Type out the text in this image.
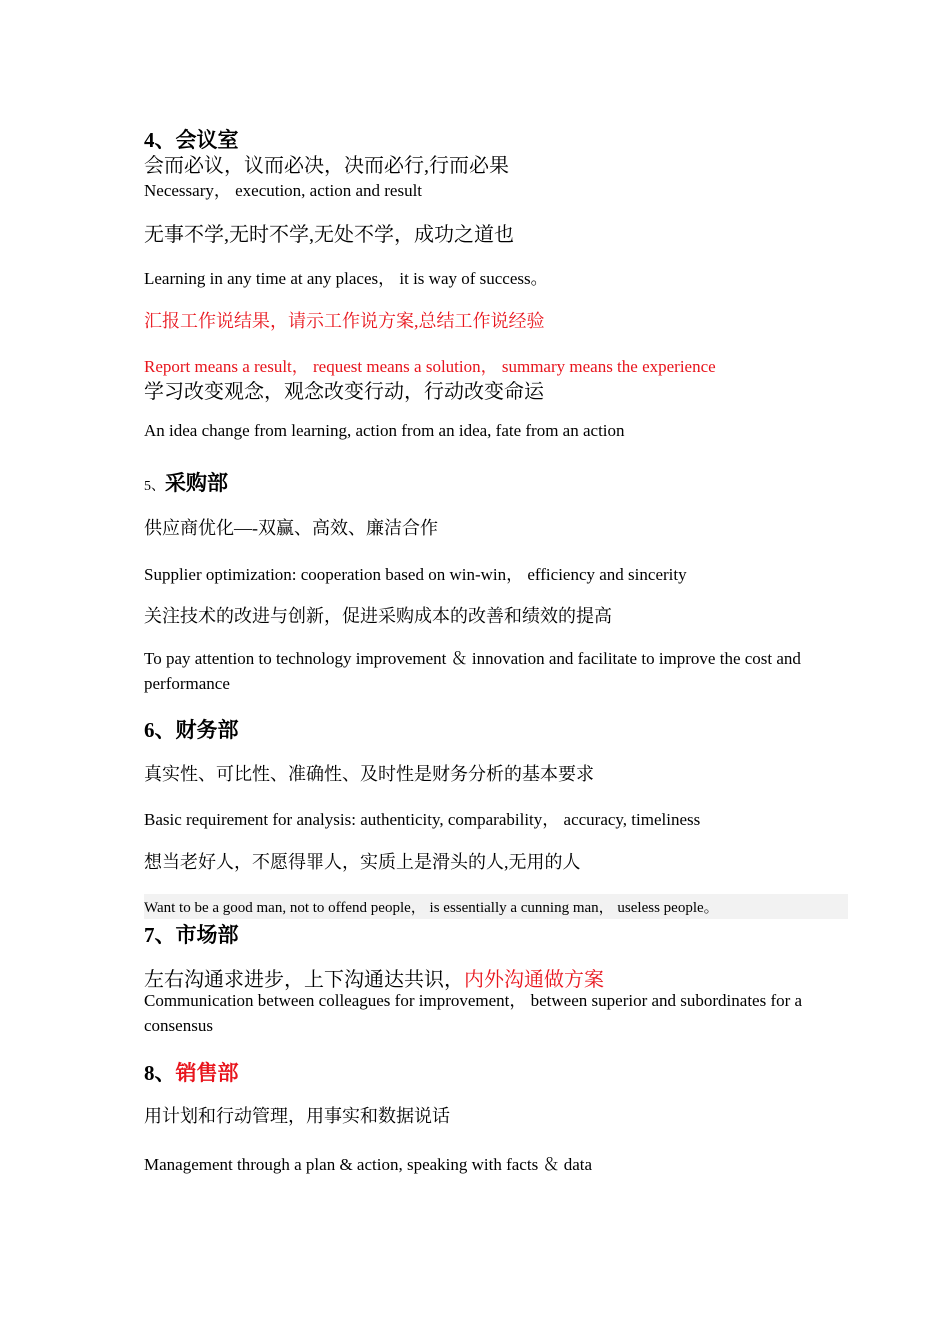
4、会议室
会而必议，议而必决，决而必行,行而必果
Necessary， execution, action and result
无事不学,无时不学,无处不学，成功之道也
Learning in any time at any places， it is way of success。
汇报工作说结果，请示工作说方案,总结工作说经验
Report means a result， request means a solution， summary means the experience
学习改变观念，观念改变行动，行动改变命运
An idea change from learning, action from an idea, fate from an action
5、采购部
供应商优化—-双赢、高效、廉洁合作
Supplier optimization: cooperation based on win-win， efficiency and sincerity
关注技术的改进与创新，促进采购成本的改善和绩效的提高
To pay attention to technology improvement ＆ innovation and facilitate to improve the cost and performance
6、财务部
真实性、可比性、准确性、及时性是财务分析的基本要求
Basic requirement for analysis: authenticity, comparability， accuracy, timeliness
想当老好人，不愿得罪人，实质上是滑头的人,无用的人
Want to be a good man, not to offend people， is essentially a cunning man， useless people。
7、市场部
左右沟通求进步，上下沟通达共识，内外沟通做方案
Communication between colleagues for improvement， between superior and subordinates for a consensus
8、销售部
用计划和行动管理，用事实和数据说话
Management through a plan & action, speaking with facts ＆ data
